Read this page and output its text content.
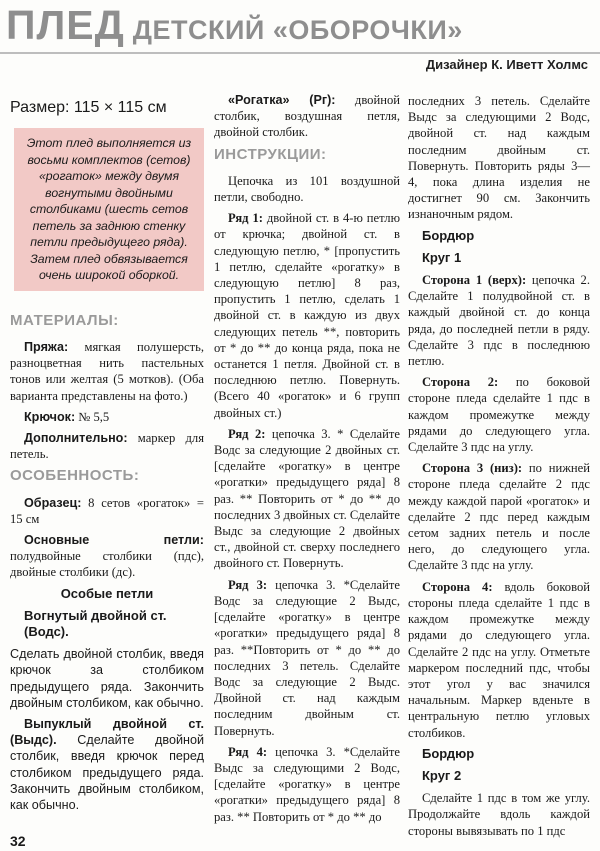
ПЛЕД ДЕТСКИЙ «ОБОРОЧКИ»
Дизайнер К. Иветт Холмс
Размер: 115 × 115 см
Этот плед выполняется из восьми комплектов (сетов) «рогаток» между двумя вогнутыми двойными столбиками (шесть сетов петель за заднюю стенку петли предыдущего ряда). Затем плед обвязывается очень широкой оборкой.
МАТЕРИАЛЫ:

Пряжа: мягкая полушерсть, разноцветная нить пастельных тонов или желтая (5 мотков). (Оба варианта представлены на фото.)

Крючок: № 5,5

Дополнительно: маркер для петель.

ОСОБЕННОСТЬ:

Образец: 8 сетов «рогаток» = 15 см

Основные петли: полудвойные столбики (пдс), двойные столбики (дс).

Особые петли
Вогнутый двойной ст. (Водс).

Сделать двойной столбик, введя крючок за столбиком предыдущего ряда. Закончить двойным столбиком, как обычно.

Выпуклый двойной ст. (Выдс). Сделайте двойной столбик, введя крючок перед столбиком предыдущего ряда. Закончить двойным столбиком, как обычно.

«Рогатка» (Рг): двойной столбик, воздушная петля, двойной столбик.

ИНСТРУКЦИИ:

Цепочка из 101 воздушной петли, свободно.

Ряд 1: двойной ст. в 4-ю петлю от крючка; двойной ст. в следующую петлю, * [пропустить 1 петлю, сделайте «рогатку» в следующую петлю] 8 раз, пропустить 1 петлю, сделать 1 двойной ст. в каждую из двух следующих петель **, повторить от * до ** до конца ряда, пока не останется 1 петля. Двойной ст. в последнюю петлю. Повернуть. (Всего 40 «рогаток» и 6 групп двойных ст.)

Ряд 2: цепочка 3. * Сделайте Водс за следующие 2 двойных ст. [сделайте «рогатку» в центре «рогатки» предыдущего ряда] 8 раз. ** Повторить от * до ** до последних 3 двойных ст. Сделайте Выдс за следующие 2 двойных ст., двойной ст. сверху последнего двойного ст. Повернуть.

Ряд 3: цепочка 3. *Сделайте Водс за следующие 2 Выдс, [сделайте «рогатку» в центре «рогатки» предыдущего ряда] 8 раз. **Повторить от * до ** до последних 3 петель. Сделайте Водс за следующие 2 Выдс. Двойной ст. над каждым последним двойным ст. Повернуть.

Ряд 4: цепочка 3. *Сделайте Выдс за следующими 2 Водс, [сделайте «рогатку» в центре «рогатки» предыдущего ряда] 8 раз. ** Повторить от * до ** до

последних 3 петель. Сделайте Выдс за следующими 2 Водс, двойной ст. над каждым последним двойным ст. Повернуть. Повторить ряды 3—4, пока длина изделия не достигнет 90 см. Закончить изнаночным рядом.

Бордюр
Круг 1

Сторона 1 (верх): цепочка 2. Сделайте 1 полудвойной ст. в каждый двойной ст. до конца ряда, до последней петли в ряду. Сделайте 3 пдс в последнюю петлю.

Сторона 2: по боковой стороне пледа сделайте 1 пдс в каждом промежутке между рядами до следующего угла. Сделайте 3 пдс на углу.

Сторона 3 (низ): по нижней стороне пледа сделайте 2 пдс между каждой парой «рогаток» и сделайте 2 пдс перед каждым сетом задних петель и после него, до следующего угла. Сделайте 3 пдс на углу.

Сторона 4: вдоль боковой стороны пледа сделайте 1 пдс в каждом промежутке между рядами до следующего угла. Сделайте 2 пдс на углу. Отметьте маркером последний пдс, чтобы этот угол у вас значился начальным. Маркер вденьте в центральную петлю угловых столбиков.

Бордюр
Круг 2

Сделайте 1 пдс в том же углу. Продолжайте вдоль каждой стороны вывязывать по 1 пдс

32
